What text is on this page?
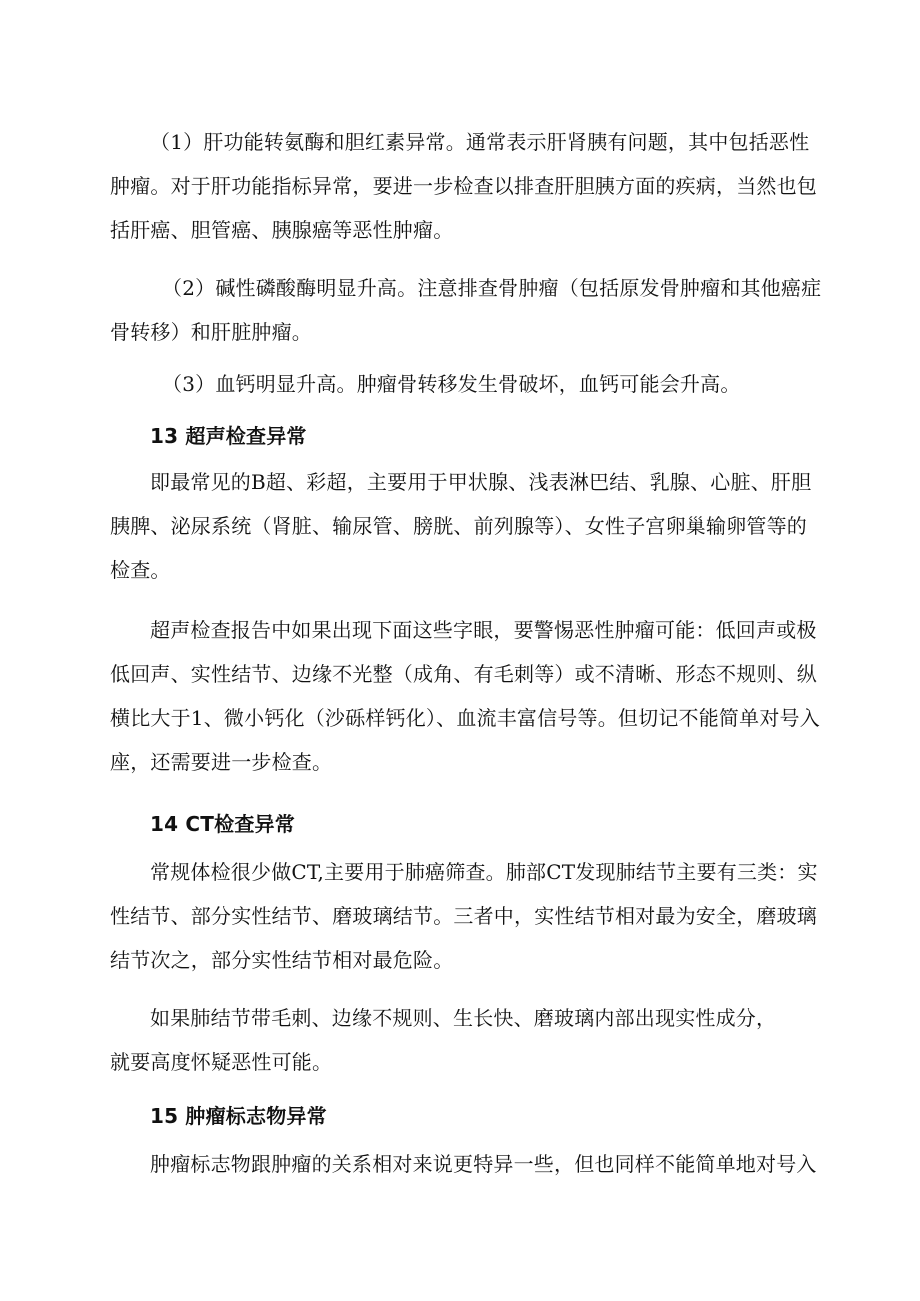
（1）肝功能转氨酶和胆红素异常。通常表示肝肾胰有问题，其中包括恶性
肿瘤。对于肝功能指标异常，要进一步检查以排查肝胆胰方面的疾病，当然也包
括肝癌、胆管癌、胰腺癌等恶性肿瘤。

（2）碱性磷酸酶明显升高。注意排查骨肿瘤（包括原发骨肿瘤和其他癌症
骨转移）和肝脏肿瘤。

（3）血钙明显升高。肿瘤骨转移发生骨破坏，血钙可能会升高。

13 超声检查异常

即最常见的B超、彩超，主要用于甲状腺、浅表淋巴结、乳腺、心脏、肝胆
胰脾、泌尿系统（肾脏、输尿管、膀胱、前列腺等）、女性子宫卵巢输卵管等的
检查。

超声检查报告中如果出现下面这些字眼，要警惕恶性肿瘤可能：低回声或极
低回声、实性结节、边缘不光整（成角、有毛刺等）或不清晰、形态不规则、纵
横比大于1、微小钙化（沙砾样钙化）、血流丰富信号等。但切记不能简单对号入
座，还需要进一步检查。

14 CT检查异常

常规体检很少做CT,主要用于肺癌筛查。肺部CT发现肺结节主要有三类：实
性结节、部分实性结节、磨玻璃结节。三者中，实性结节相对最为安全，磨玻璃
结节次之，部分实性结节相对最危险。

如果肺结节带毛刺、边缘不规则、生长快、磨玻璃内部出现实性成分，
就要高度怀疑恶性可能。

15 肿瘤标志物异常

肿瘤标志物跟肿瘤的关系相对来说更特异一些，但也同样不能简单地对号入
